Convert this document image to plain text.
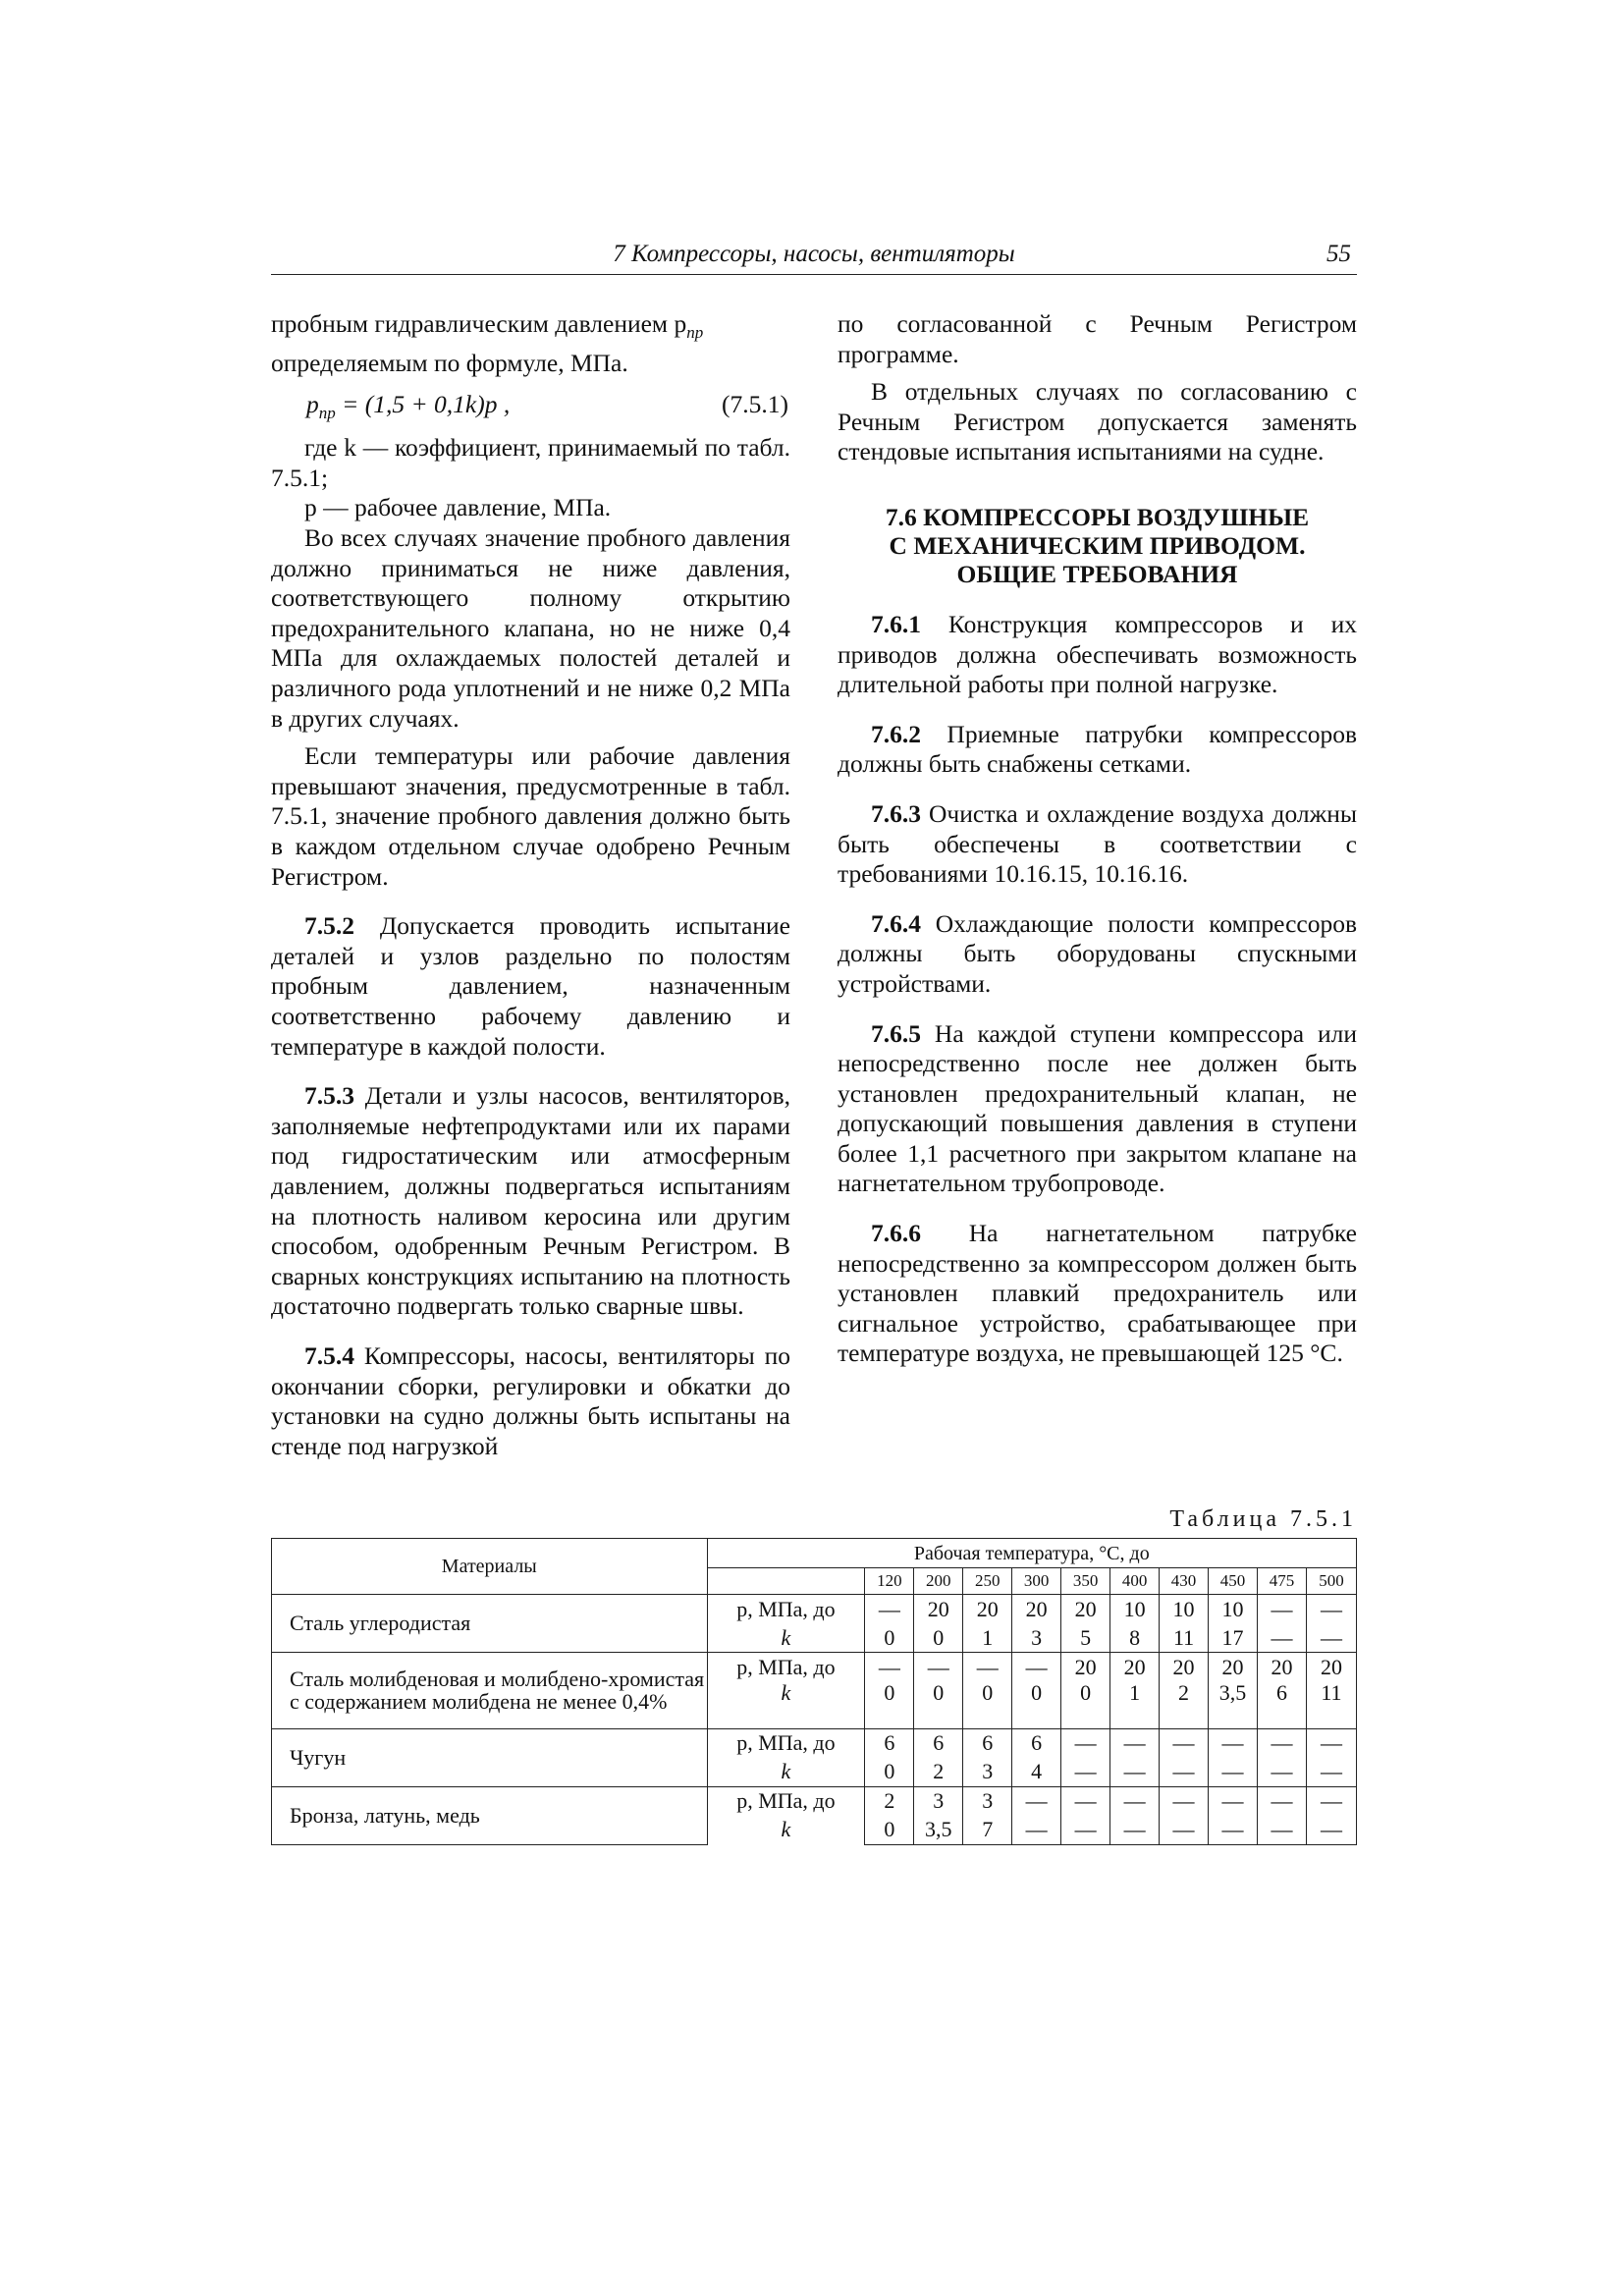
7 Компрессоры, насосы, вентиляторы	55

пробным гидравлическим давлением $p_{пр}$
определяемым по формуле, МПа.

$p_{пр} = (1,5 + 0,1k)p$ ,	(7.5.1)

где k — коэффициент, принимаемый по табл. 7.5.1;

p — рабочее давление, МПа.

Во всех случаях значение пробного давления должно приниматься не ниже давления, соответствующего полному открытию предохранительного клапана, но не ниже 0,4 МПа для охлаждаемых полостей деталей и различного рода уплотнений и не ниже 0,2 МПа в других случаях.

Если температуры или рабочие давления превышают значения, предусмотренные в табл. 7.5.1, значение пробного давления должно быть в каждом отдельном случае одобрено Речным Регистром.

7.5.2 Допускается проводить испытание деталей и узлов раздельно по полостям пробным давлением, назначенным соответственно рабочему давлению и температуре в каждой полости.

7.5.3 Детали и узлы насосов, вентиляторов, заполняемые нефтепродуктами или их парами под гидростатическим или атмосферным давлением, должны подвергаться испытаниям на плотность наливом керосина или другим способом, одобренным Речным Регистром. В сварных конструкциях испытанию на плотность достаточно подвергать только сварные швы.

7.5.4 Компрессоры, насосы, вентиляторы по окончании сборки, регулировки и обкатки до установки на судно должны быть испытаны на стенде под нагрузкой

по согласованной с Речным Регистром программе.

В отдельных случаях по согласованию с Речным Регистром допускается заменять стендовые испытания испытаниями на судне.

7.6 КОМПРЕССОРЫ ВОЗДУШНЫЕ
С МЕХАНИЧЕСКИМ ПРИВОДОМ.
ОБЩИЕ ТРЕБОВАНИЯ

7.6.1 Конструкция компрессоров и их приводов должна обеспечивать возможность длительной работы при полной нагрузке.

7.6.2 Приемные патрубки компрессоров должны быть снабжены сетками.

7.6.3 Очистка и охлаждение воздуха должны быть обеспечены в соответствии с требованиями 10.16.15, 10.16.16.

7.6.4 Охлаждающие полости компрессоров должны быть оборудованы спускными устройствами.

7.6.5 На каждой ступени компрессора или непосредственно после нее должен быть установлен предохранительный клапан, не допускающий повышения давления в ступени более 1,1 расчетного при закрытом клапане на нагнетательном трубопроводе.

7.6.6 На нагнетательном патрубке непосредственно за компрессором должен быть установлен плавкий предохранитель или сигнальное устройство, срабатывающее при температуре воздуха, не превышающей 125 °C.

Таблица 7.5.1
Материалы	Рабочая температура, °C, до										
		120	200	250	300	350	400	430	450	475	500
Сталь углеродистая	p, МПа, до	—	20	20	20	20	10	10	10	—	—
	k	0	0	1	3	5	8	11	17	—	—
Сталь молибденовая и молибдено-хромистая с содержанием молибдена не менее 0,4%	p, МПа, до	—	—	—	—	20	20	20	20	20	20
	k	0	0	0	0	0	1	2	3,5	6	11
Чугун	p, МПа, до	6	6	6	6	—	—	—	—	—	—
	k	0	2	3	4	—	—	—	—	—	—
Бронза, латунь, медь	p, МПа, до	2	3	3	—	—	—	—	—	—	—
	k	0	3,5	7	—	—	—	—	—	—	—
